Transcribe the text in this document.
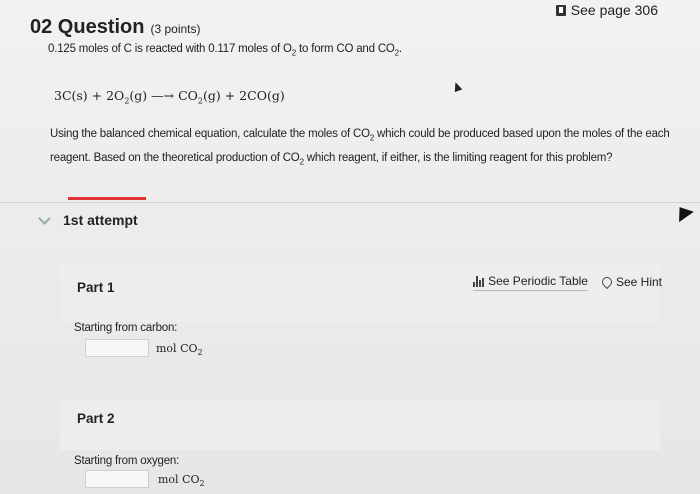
See page 306
02 Question (3 points)
0.125 moles of C is reacted with 0.117 moles of $O_2$ to form CO and $CO_2$.
$3C(s) + 2O_2(g)$ —→ $CO_2(g) + 2CO(g)$
Using the balanced chemical equation, calculate the moles of $CO_2$ which could be produced based upon the moles of the each reagent. Based on the theoretical production of $CO_2$ which reagent, if either, is the limiting reagent for this problem?
1st attempt
Part 1	See Periodic Table See Hint
Starting from carbon:
mol $CO_2$
Part 2
Starting from oxygen:
mol $CO_2$
